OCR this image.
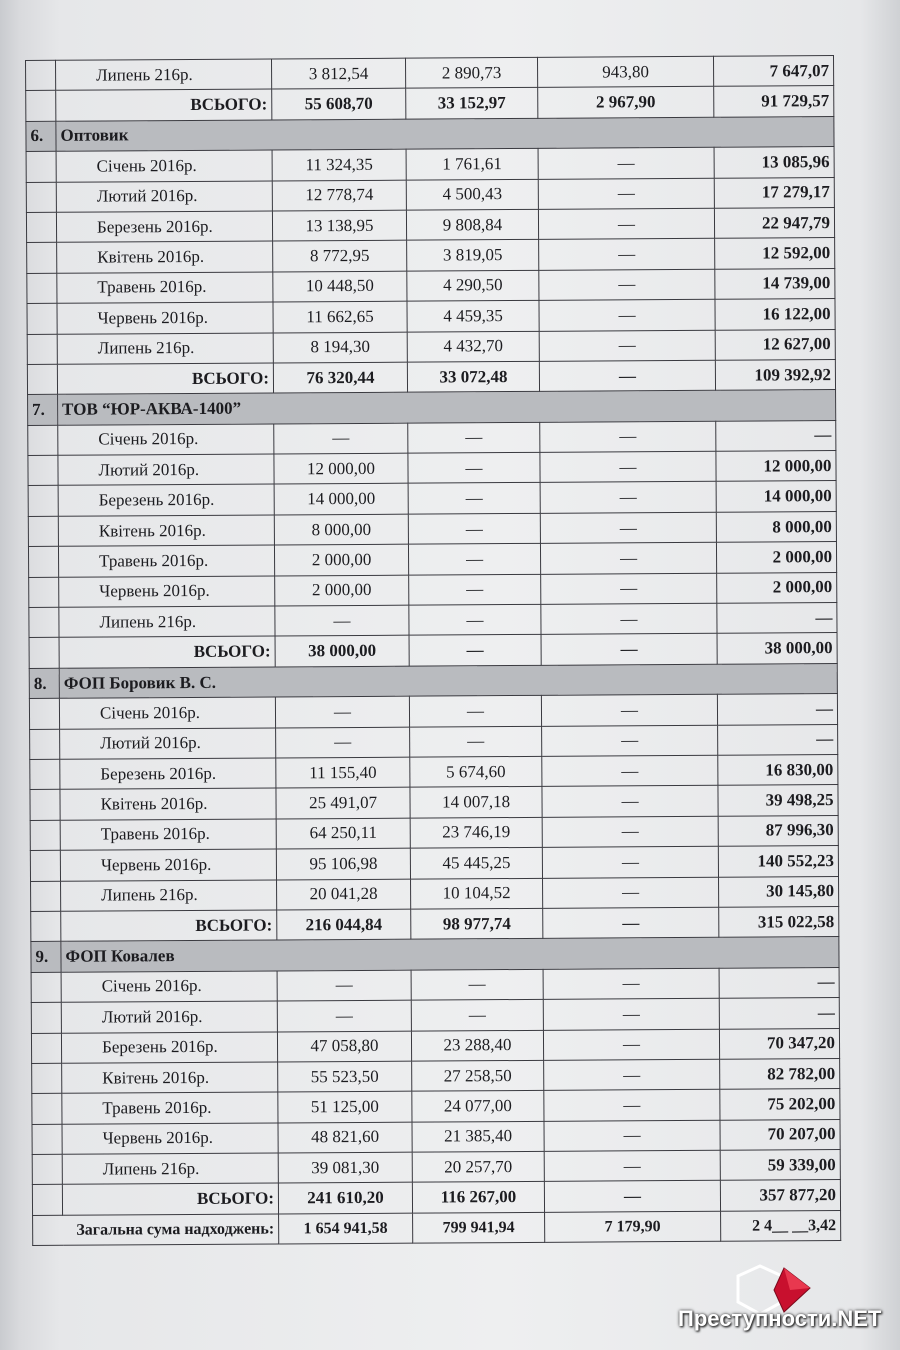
	Липень 216р.	3 812,54	2 890,73	943,80	7 647,07
	ВСЬОГО:	55 608,70	33 152,97	2 967,90	91 729,57
6.	Оптовик				
	Січень 2016р.	11 324,35	1 761,61	—	13 085,96
	Лютий 2016р.	12 778,74	4 500,43	—	17 279,17
	Березень 2016р.	13 138,95	9 808,84	—	22 947,79
	Квітень 2016р.	8 772,95	3 819,05	—	12 592,00
	Травень 2016р.	10 448,50	4 290,50	—	14 739,00
	Червень 2016р.	11 662,65	4 459,35	—	16 122,00
	Липень 216р.	8 194,30	4 432,70	—	12 627,00
	ВСЬОГО:	76 320,44	33 072,48	—	109 392,92
7.	ТОВ “ЮР-АКВА-1400”				
	Січень 2016р.	—	—	—	—
	Лютий 2016р.	12 000,00	—	—	12 000,00
	Березень 2016р.	14 000,00	—	—	14 000,00
	Квітень 2016р.	8 000,00	—	—	8 000,00
	Травень 2016р.	2 000,00	—	—	2 000,00
	Червень 2016р.	2 000,00	—	—	2 000,00
	Липень 216р.	—	—	—	—
	ВСЬОГО:	38 000,00	—	—	38 000,00
8.	ФОП Боровик В. С.				
	Січень 2016р.	—	—	—	—
	Лютий 2016р.	—	—	—	—
	Березень 2016р.	11 155,40	5 674,60	—	16 830,00
	Квітень 2016р.	25 491,07	14 007,18	—	39 498,25
	Травень 2016р.	64 250,11	23 746,19	—	87 996,30
	Червень 2016р.	95 106,98	45 445,25	—	140 552,23
	Липень 216р.	20 041,28	10 104,52	—	30 145,80
	ВСЬОГО:	216 044,84	98 977,74	—	315 022,58
9.	ФОП Ковалев				
	Січень 2016р.	—	—	—	—
	Лютий 2016р.	—	—	—	—
	Березень 2016р.	47 058,80	23 288,40	—	70 347,20
	Квітень 2016р.	55 523,50	27 258,50	—	82 782,00
	Травень 2016р.	51 125,00	24 077,00	—	75 202,00
	Червень 2016р.	48 821,60	21 385,40	—	70 207,00
	Липень 216р.	39 081,30	20 257,70	—	59 339,00
	ВСЬОГО:	241 610,20	116 267,00	—	357 877,20
Загальна сума надходжень:		1 654 941,58	799 941,94	7 179,90	2 4__ __3,42
Преступности.NET
